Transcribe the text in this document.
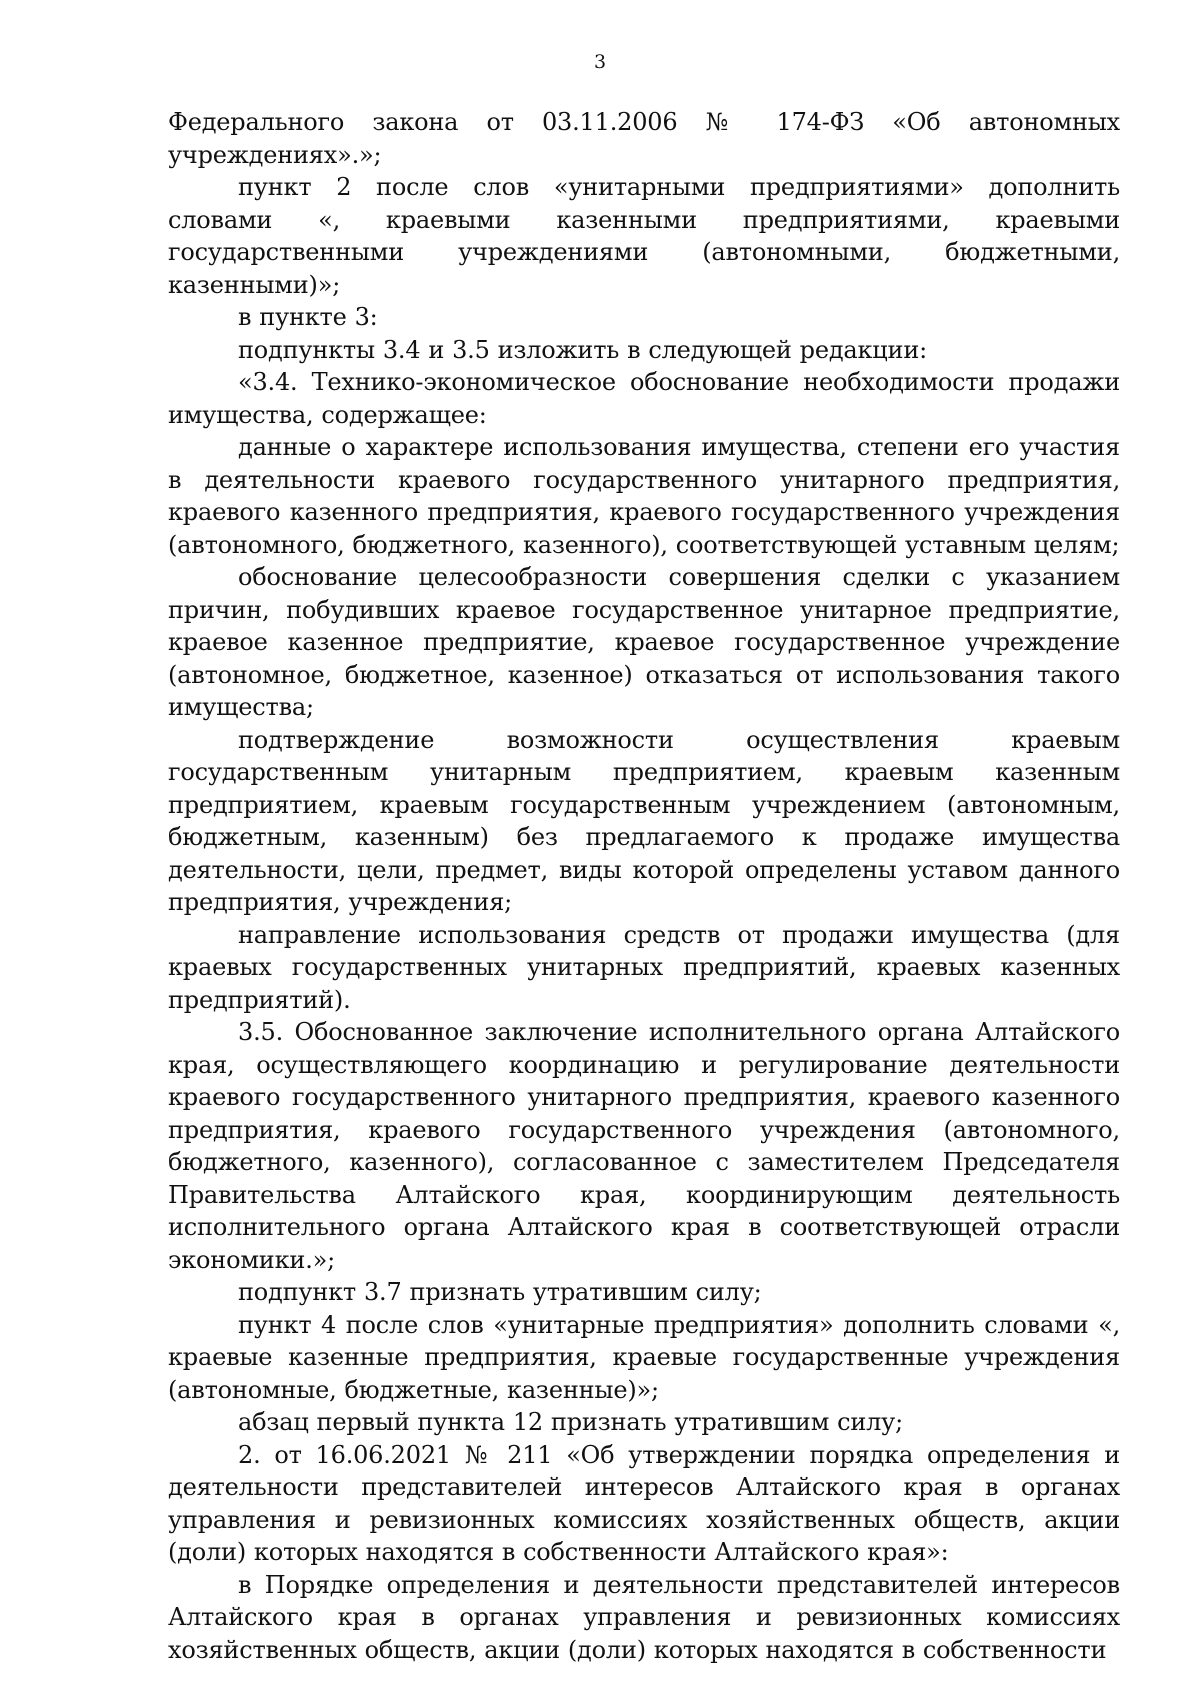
3

Федерального закона от 03.11.2006 № 174-ФЗ «Об автономных учреждениях».»;

пункт 2 после слов «унитарными предприятиями» дополнить словами «, краевыми казенными предприятиями, краевыми государственными учреждениями (автономными, бюджетными, казенными)»;

в пункте 3:

подпункты 3.4 и 3.5 изложить в следующей редакции:

«3.4. Технико-экономическое обоснование необходимости продажи имущества, содержащее:

данные о характере использования имущества, степени его участия в деятельности краевого государственного унитарного предприятия, краевого казенного предприятия, краевого государственного учреждения (автономного, бюджетного, казенного), соответствующей уставным целям;

обоснование целесообразности совершения сделки с указанием причин, побудивших краевое государственное унитарное предприятие, краевое казенное предприятие, краевое государственное учреждение (автономное, бюджетное, казенное) отказаться от использования такого имущества;

подтверждение возможности осуществления краевым государственным унитарным предприятием, краевым казенным предприятием, краевым государственным учреждением (автономным, бюджетным, казенным) без предлагаемого к продаже имущества деятельности, цели, предмет, виды которой определены уставом данного предприятия, учреждения;

направление использования средств от продажи имущества (для краевых государственных унитарных предприятий, краевых казенных предприятий).

3.5. Обоснованное заключение исполнительного органа Алтайского края, осуществляющего координацию и регулирование деятельности краевого государственного унитарного предприятия, краевого казенного предприятия, краевого государственного учреждения (автономного, бюджетного, казенного), согласованное с заместителем Председателя Правительства Алтайского края, координирующим деятельность исполнительного органа Алтайского края в соответствующей отрасли экономики.»;

подпункт 3.7 признать утратившим силу;

пункт 4 после слов «унитарные предприятия» дополнить словами «, краевые казенные предприятия, краевые государственные учреждения (автономные, бюджетные, казенные)»;

абзац первый пункта 12 признать утратившим силу;

2. от 16.06.2021 № 211 «Об утверждении порядка определения и деятельности представителей интересов Алтайского края в органах управления и ревизионных комиссиях хозяйственных обществ, акции (доли) которых находятся в собственности Алтайского края»:

в Порядке определения и деятельности представителей интересов Алтайского края в органах управления и ревизионных комиссиях хозяйственных обществ, акции (доли) которых находятся в собственности
